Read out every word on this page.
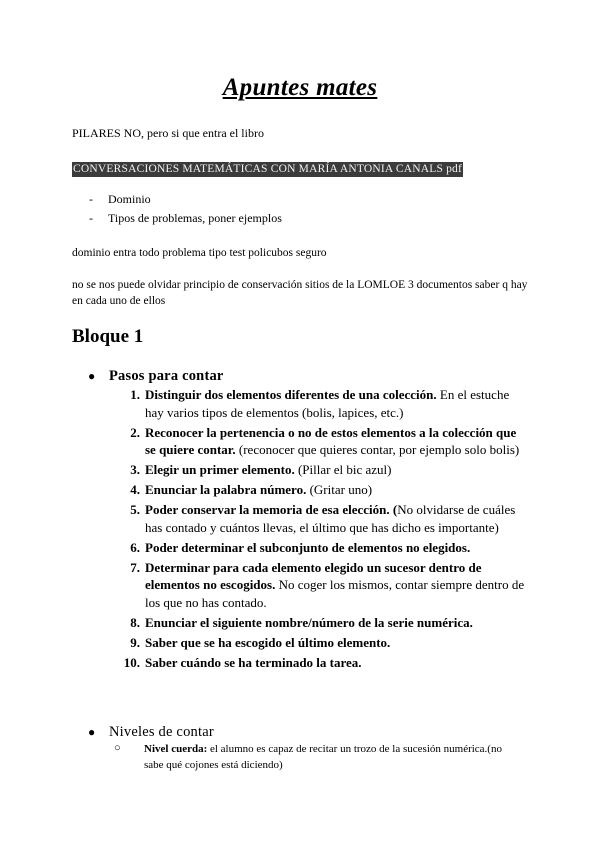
Apuntes mates
PILARES NO, pero si que entra el libro
CONVERSACIONES MATEMÁTICAS CON MARÍA ANTONIA CANALS pdf
- Dominio
- Tipos de problemas, poner ejemplos
dominio entra todo problema tipo test policubos seguro
no se nos puede olvidar principio de conservación sitios de la LOMLOE 3 documentos saber q hay en cada uno de ellos
Bloque 1
● Pasos para contar
1. Distinguir dos elementos diferentes de una colección. En el estuche hay varios tipos de elementos (bolis, lapices, etc.)
2. Reconocer la pertenencia o no de estos elementos a la colección que se quiere contar. (reconocer que quieres contar, por ejemplo solo bolis)
3. Elegir un primer elemento. (Pillar el bic azul)
4. Enunciar la palabra número. (Gritar uno)
5. Poder conservar la memoria de esa elección. (No olvidarse de cuáles has contado y cuántos llevas, el último que has dicho es importante)
6. Poder determinar el subconjunto de elementos no elegidos.
7. Determinar para cada elemento elegido un sucesor dentro de elementos no escogidos. No coger los mismos, contar siempre dentro de los que no has contado.
8. Enunciar el siguiente nombre/número de la serie numérica.
9. Saber que se ha escogido el último elemento.
10. Saber cuándo se ha terminado la tarea.
● Niveles de contar
○ Nivel cuerda: el alumno es capaz de recitar un trozo de la sucesión numérica.(no sabe qué cojones está diciendo)
